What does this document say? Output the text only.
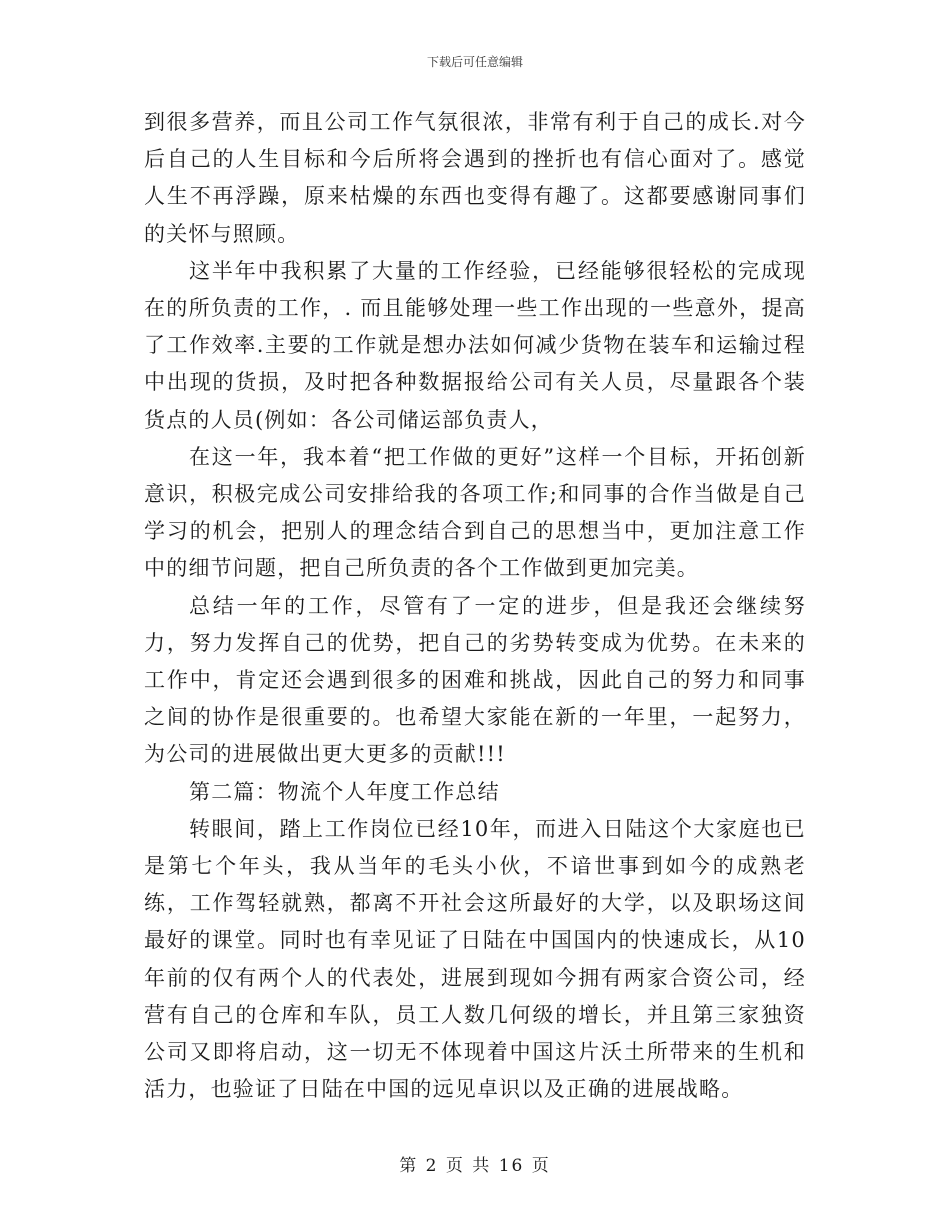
下载后可任意编辑

到很多营养，而且公司工作气氛很浓，非常有利于自己的成长.对今后自己的人生目标和今后所将会遇到的挫折也有信心面对了。感觉人生不再浮躁，原来枯燥的东西也变得有趣了。这都要感谢同事们的关怀与照顾。

这半年中我积累了大量的工作经验，已经能够很轻松的完成现在的所负责的工作，. 而且能够处理一些工作出现的一些意外，提高了工作效率.主要的工作就是想办法如何减少货物在装车和运输过程中出现的货损，及时把各种数据报给公司有关人员，尽量跟各个装货点的人员(例如：各公司储运部负责人，

在这一年，我本着“把工作做的更好”这样一个目标，开拓创新意识，积极完成公司安排给我的各项工作;和同事的合作当做是自己学习的机会，把别人的理念结合到自己的思想当中，更加注意工作中的细节问题，把自己所负责的各个工作做到更加完美。

总结一年的工作，尽管有了一定的进步，但是我还会继续努力，努力发挥自己的优势，把自己的劣势转变成为优势。在未来的工作中，肯定还会遇到很多的困难和挑战，因此自己的努力和同事之间的协作是很重要的。也希望大家能在新的一年里，一起努力，为公司的进展做出更大更多的贡献!!!

第二篇：物流个人年度工作总结

转眼间，踏上工作岗位已经10年，而进入日陆这个大家庭也已是第七个年头，我从当年的毛头小伙，不谙世事到如今的成熟老练，工作驾轻就熟，都离不开社会这所最好的大学，以及职场这间最好的课堂。同时也有幸见证了日陆在中国国内的快速成长，从10年前的仅有两个人的代表处，进展到现如今拥有两家合资公司，经营有自己的仓库和车队，员工人数几何级的增长，并且第三家独资公司又即将启动，这一切无不体现着中国这片沃土所带来的生机和活力，也验证了日陆在中国的远见卓识以及正确的进展战略。

第 2 页 共 16 页
